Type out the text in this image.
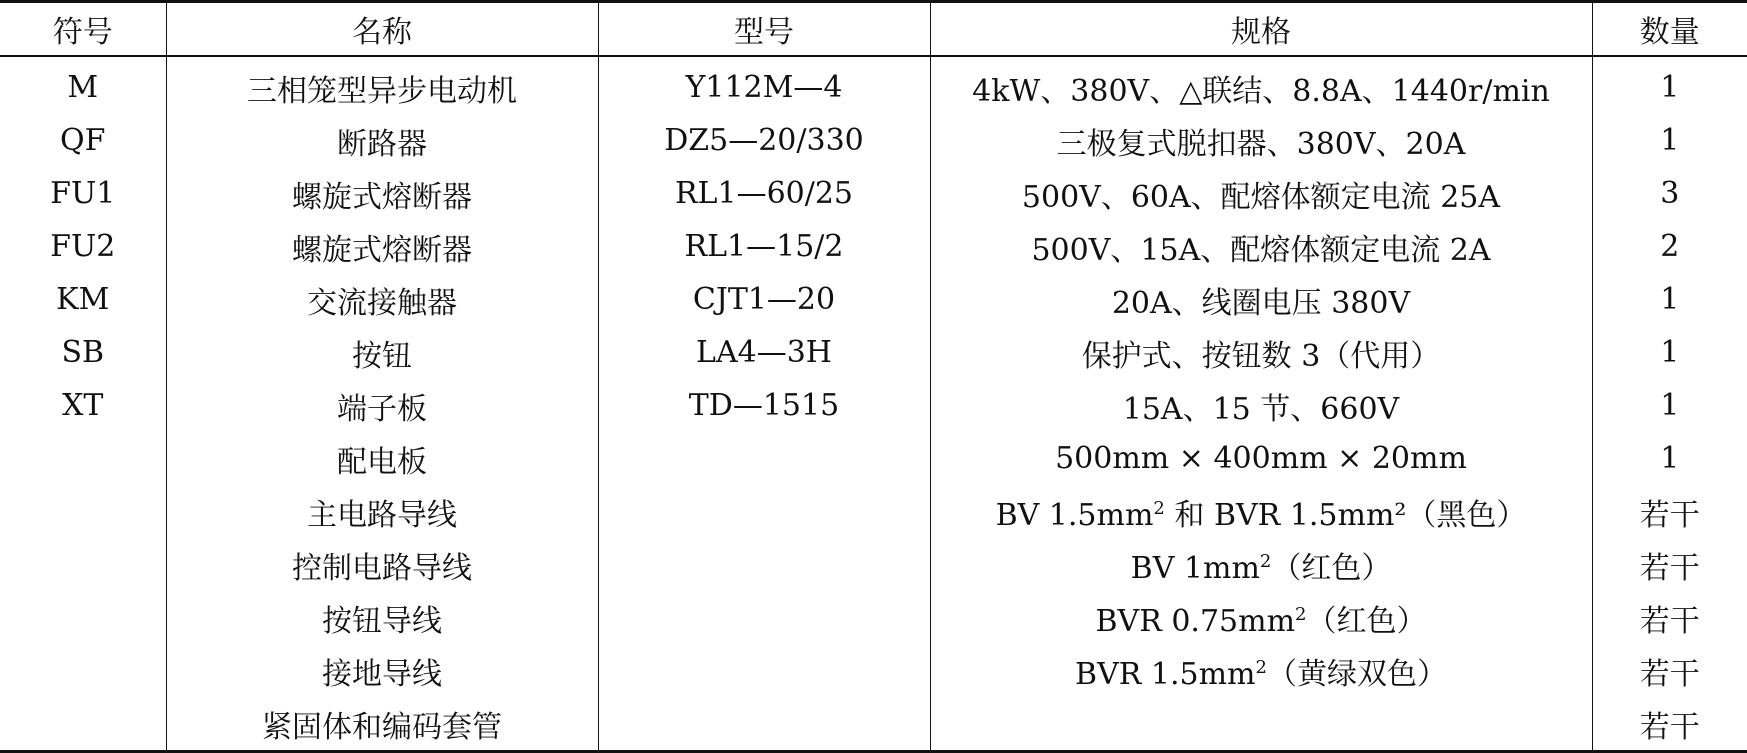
符号	名称	型号	规格	数量
M	三相笼型异步电动机	Y112M—4	4kW、380V、△联结、8.8A、1440r/min	1
QF	断路器	DZ5—20/330	三极复式脱扣器、380V、20A	1
FU1	螺旋式熔断器	RL1—60/25	500V、60A、配熔体额定电流 25A	3
FU2	螺旋式熔断器	RL1—15/2	500V、15A、配熔体额定电流 2A	2
KM	交流接触器	CJT1—20	20A、线圈电压 380V	1
SB	按钮	LA4—3H	保护式、按钮数 3（代用）	1
XT	端子板	TD—1515	15A、15 节、660V	1
	配电板		500mm × 400mm × 20mm	1
	主电路导线		BV $1.5mm^2$ 和 BVR 1.5mm²（黑色）	若干
	控制电路导线		BV $1mm^2$（红色）	若干
	按钮导线		BVR $0.75mm^2$（红色）	若干
	接地导线		BVR $1.5mm^2$（黄绿双色）	若干
	紧固体和编码套管			若干
